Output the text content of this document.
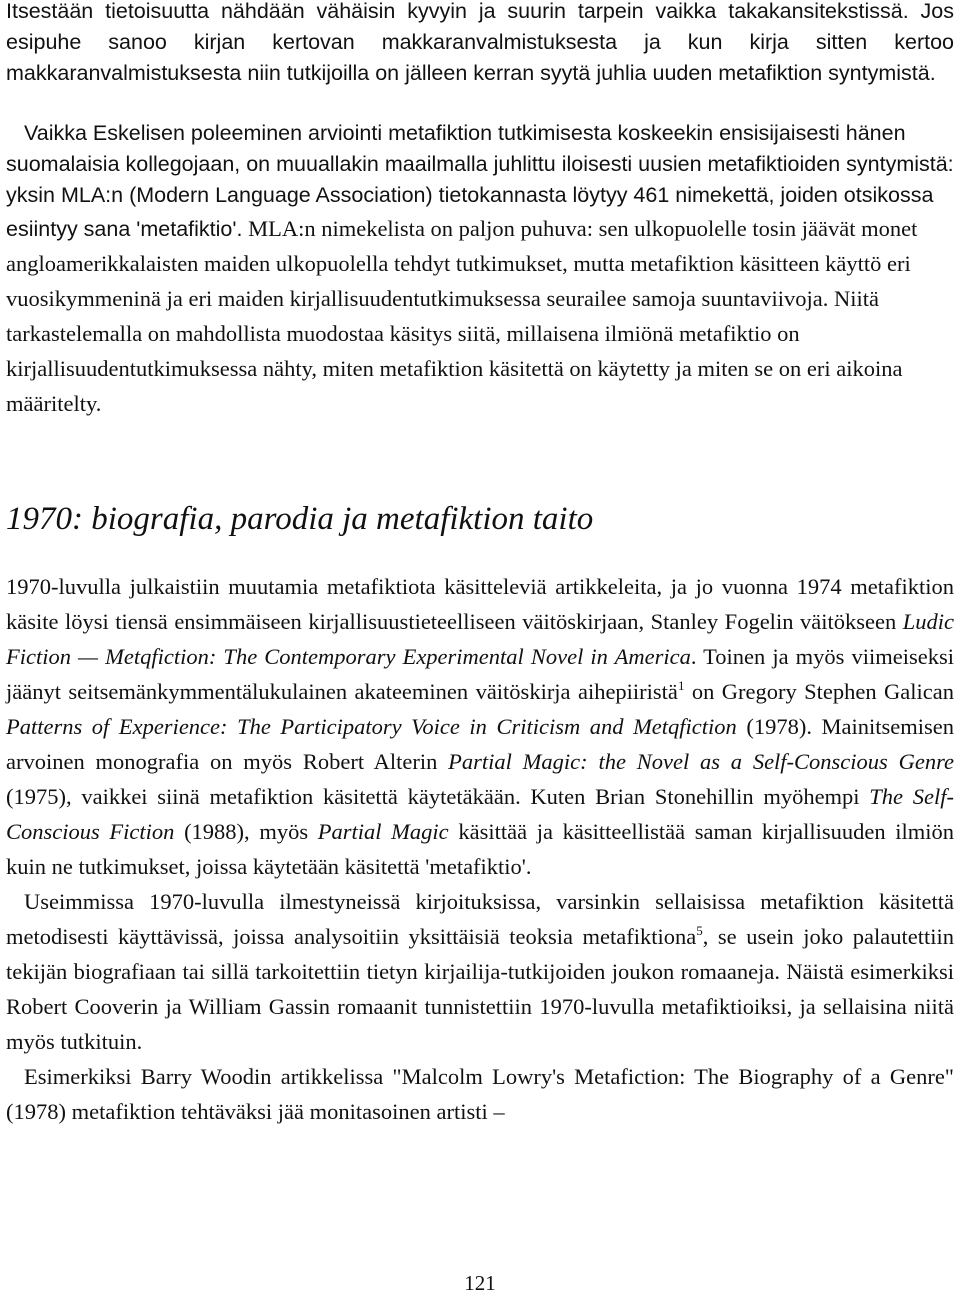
Itsestään tietoisuutta nähdään vähäisin kyvyin ja suurin tarpein vaikka takakansitekstissä. Jos esipuhe sanoo kirjan kertovan makkaranvalmistuksesta ja kun kirja sitten kertoo makkaranvalmistuksesta niin tutkijoilla on jälleen kerran syytä juhlia uuden metafiktion syntymistä.

Vaikka Eskelisen poleeminen arviointi metafiktion tutkimisesta koskeekin ensisijaisesti hänen suomalaisia kollegojaan, on muuallakin maailmalla juhlittu iloisesti uusien metafiktioiden syntymistä: yksin MLA:n (Modern Language Association) tietokannasta löytyy 461 nimekettä, joiden otsikossa esiintyy sana 'metafiktio'. MLA:n nimekelista on paljon puhuva: sen ulkopuolelle tosin jäävät monet angloamerikkalaisten maiden ulkopuolella tehdyt tutkimukset, mutta metafiktion käsitteen käyttö eri vuosikymmeninä ja eri maiden kirjallisuudentutkimuksessa seurailee samoja suuntaviivoja. Niitä tarkastelemalla on mahdollista muodostaa käsitys siitä, millaisena ilmiönä metafiktio on kirjallisuudentutkimuksessa nähty, miten metafiktion käsitettä on käytetty ja miten se on eri aikoina määritelty.

1970: biografia, parodia ja metafiktion taito

1970-luvulla julkaistiin muutamia metafiktiota käsitteleviä artikkeleita, ja jo vuonna 1974 metafiktion käsite löysi tiensä ensimmäiseen kirjallisuustieteelliseen väitöskirjaan, Stanley Fogelin väitökseen Ludic Fiction — Metqfiction: The Contemporary Experimental Novel in America. Toinen ja myös viimeiseksi jäänyt seitsemänkymmentälukulainen akateeminen väitöskirja aihepiiristä$^1$ on Gregory Stephen Galican Patterns of Experience: The Participatory Voice in Criticism and Metqfiction (1978). Mainitsemisen arvoinen monografia on myös Robert Alterin Partial Magic: the Novel as a Self-Conscious Genre (1975), vaikkei siinä metafiktion käsitettä käytetäkään. Kuten Brian Stonehillin myöhempi The Self-Conscious Fiction (1988), myös Partial Magic käsittää ja käsitteellistää saman kirjallisuuden ilmiön kuin ne tutkimukset, joissa käytetään käsitettä 'metafiktio'.

Useimmissa 1970-luvulla ilmestyneissä kirjoituksissa, varsinkin sellaisissa metafiktion käsitettä metodisesti käyttävissä, joissa analysoitiin yksittäisiä teoksia metafiktiona$^5$, se usein joko palautettiin tekijän biografiaan tai sillä tarkoitettiin tietyn kirjailija-tutkijoiden joukon romaaneja. Näistä esimerkiksi Robert Cooverin ja William Gassin romaanit tunnistettiin 1970-luvulla metafiktioiksi, ja sellaisina niitä myös tutkituin.

Esimerkiksi Barry Woodin artikkelissa "Malcolm Lowry's Metafiction: The Biography of a Genre" (1978) metafiktion tehtäväksi jää monitasoinen artisti –

121
